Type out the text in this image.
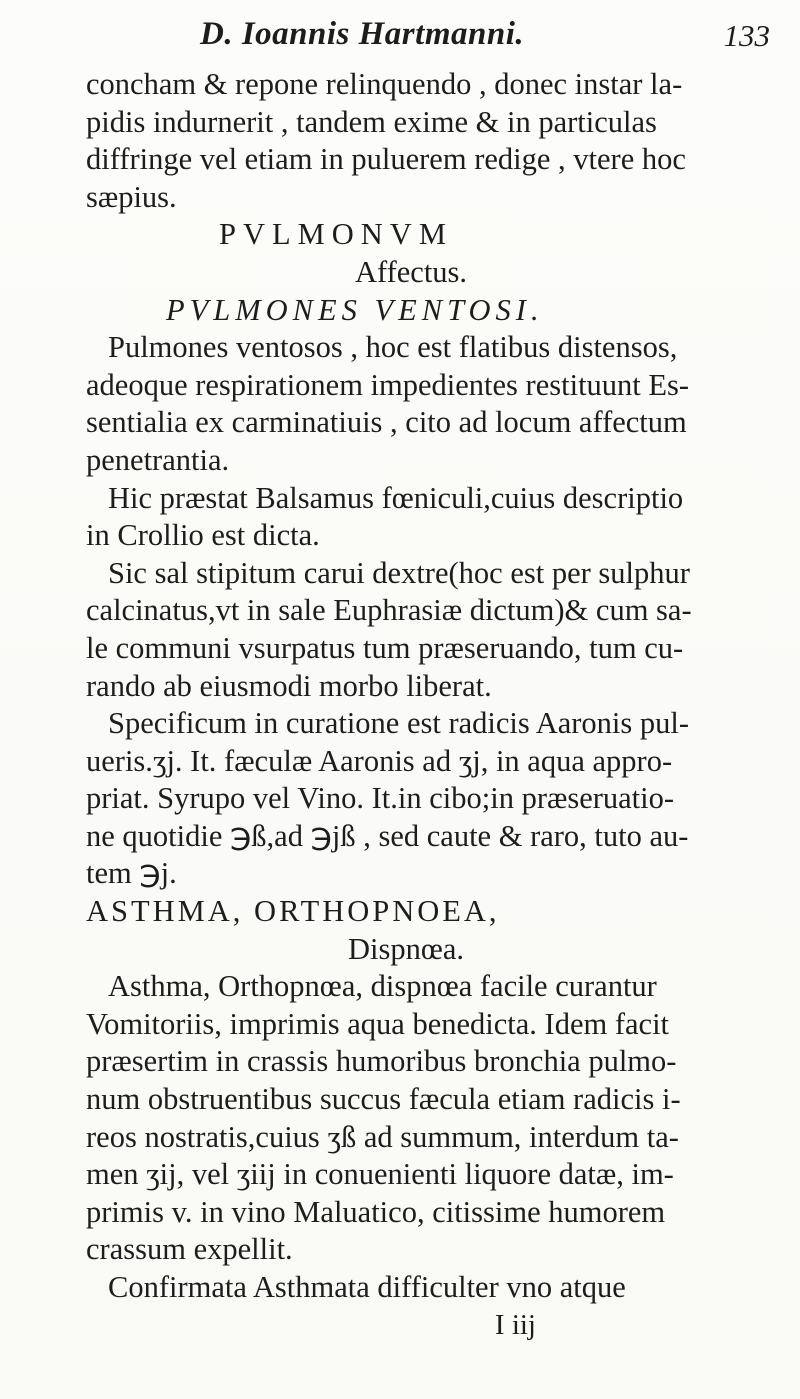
D. Ioannis Hartmanni.	133
concham & repone relinquendo , donec instar la-
pidis indurnerit , tandem exime & in particulas
diffringe vel etiam in puluerem redige , vtere hoc
sæpius.
PVLMONVM
Affectus.
PVLMONES VENTOSI.
Pulmones ventosos , hoc est flatibus distensos,
adeoque respirationem impedientes restituunt Es-
sentialia ex carminatiuis , cito ad locum affectum
penetrantia.
Hic præstat Balsamus fœniculi,cuius descriptio
in Crollio est dicta.
Sic sal stipitum carui dextre(hoc est per sulphur
calcinatus,vt in sale Euphrasiæ dictum)& cum sa-
le communi vsurpatus tum præseruando, tum cu-
rando ab eiusmodi morbo liberat.
Specificum in curatione est radicis Aaronis pul-
ueris.ʒj. It. fæculæ Aaronis ad ʒj, in aqua appro-
priat. Syrupo vel Vino. It.in cibo;in præseruatio-
ne quotidie ℈ß,ad ℈jß , sed caute & raro, tuto au-
tem ℈j.
ASTHMA, ORTHOPNOEA,
Dispnœa.
Asthma, Orthopnœa, dispnœa facile curantur
Vomitoriis, imprimis aqua benedicta. Idem facit
præsertim in crassis humoribus bronchia pulmo-
num obstruentibus succus fæcula etiam radicis i-
reos nostratis,cuius ʒß ad summum, interdum ta-
men ʒij, vel ʒiij in conuenienti liquore datæ, im-
primis v. in vino Maluatico, citissime humorem
crassum expellit.
Confirmata Asthmata difficulter vno atque
I iij
